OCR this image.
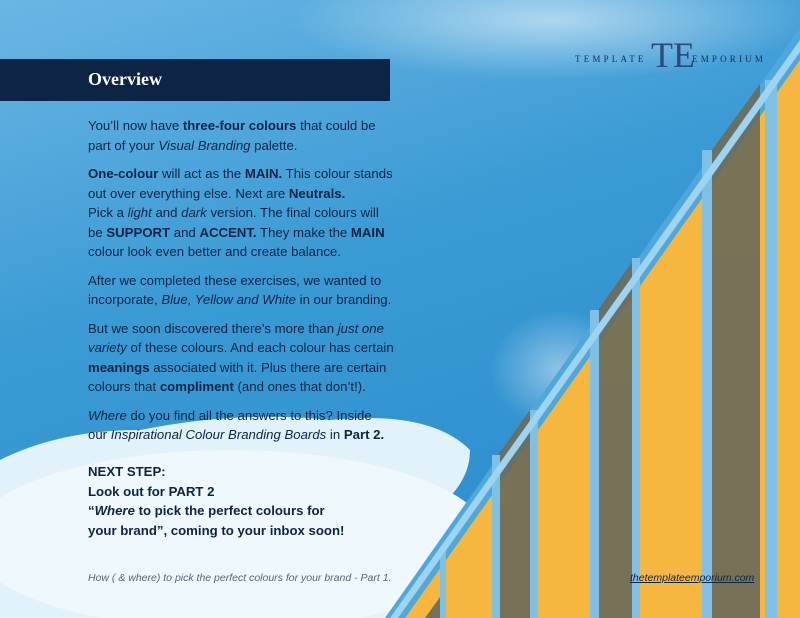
TEMPLATE TE
EMPORIUM
Overview
You’ll now have three-four colours that could be
part of your Visual Branding palette.
One-colour will act as the MAIN. This colour stands
out over everything else. Next are Neutrals.
Pick a light and dark version. The final colours will
be SUPPORT and ACCENT. They make the MAIN
colour look even better and create balance.
After we completed these exercises, we wanted to
incorporate, Blue, Yellow and White in our branding.
But we soon discovered there’s more than just one
variety of these colours. And each colour has certain
meanings associated with it. Plus there are certain
colours that compliment (and ones that don’t!).
Where do you find all the answers to this? Inside
our Inspirational Colour Branding Boards in Part 2.
NEXT STEP:
Look out for PART 2
“Where to pick the perfect colours for
your brand”, coming to your inbox soon!
How ( & where) to pick the perfect colours for your brand - Part 1.	thetemplateemporium.com
